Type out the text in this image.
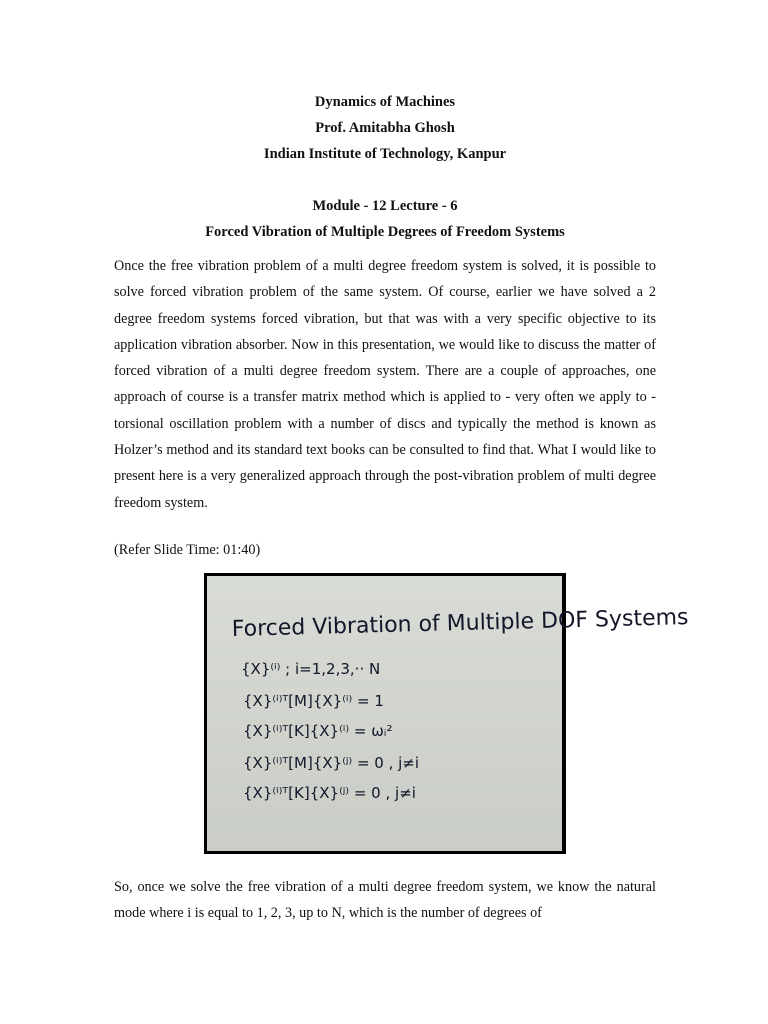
Dynamics of Machines
Prof. Amitabha Ghosh
Indian Institute of Technology, Kanpur
Module - 12 Lecture - 6
Forced Vibration of Multiple Degrees of Freedom Systems
Once the free vibration problem of a multi degree freedom system is solved, it is possible to solve forced vibration problem of the same system. Of course, earlier we have solved a 2 degree freedom systems forced vibration, but that was with a very specific objective to its application vibration absorber. Now in this presentation, we would like to discuss the matter of forced vibration of a multi degree freedom system. There are a couple of approaches, one approach of course is a transfer matrix method which is applied to - very often we apply to - torsional oscillation problem with a number of discs and typically the method is known as Holzer’s method and its standard text books can be consulted to find that. What I would like to present here is a very generalized approach through the post-vibration problem of multi degree freedom system.
(Refer Slide Time: 01:40)
Forced Vibration of Multiple DOF Systems
{X}⁽ⁱ⁾ ; i=1,2,3,·· N
{X}⁽ⁱ⁾ᵀ[M]{X}⁽ⁱ⁾ = 1
{X}⁽ⁱ⁾ᵀ[K]{X}⁽ⁱ⁾ = ωᵢ²
{X}⁽ⁱ⁾ᵀ[M]{X}⁽ʲ⁾ = 0 , j≠i
{X}⁽ⁱ⁾ᵀ[K]{X}⁽ʲ⁾ = 0 , j≠i
So, once we solve the free vibration of a multi degree freedom system, we know the natural mode where i is equal to 1, 2, 3, up to N, which is the number of degrees of
